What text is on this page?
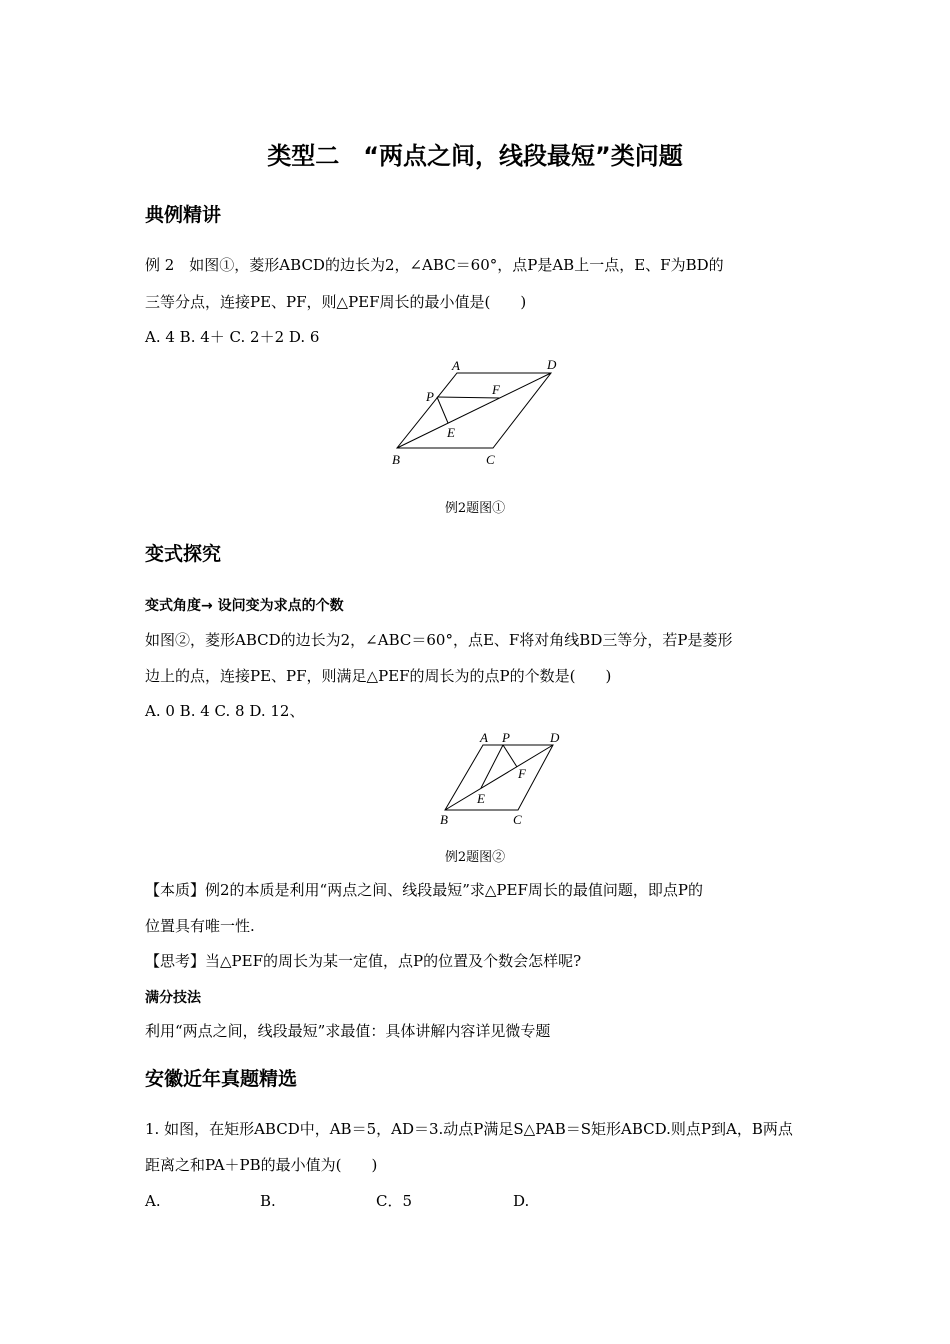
类型二　“两点之间，线段最短”类问题
典例精讲
例 2　如图①，菱形ABCD的边长为2，∠ABC＝60°，点P是AB上一点，E、F为BD的
三等分点，连接PE、PF，则△PEF周长的最小值是(　　)
A. 4 B. 4＋ C. 2＋2 D. 6
A	D
P	F
E
B	C
A P	D
F
E
B	C
例2题图①
变式探究
变式角度→ 设问变为求点的个数
如图②，菱形ABCD的边长为2，∠ABC＝60°，点E、F将对角线BD三等分，若P是菱形
边上的点，连接PE、PF，则满足△PEF的周长为的点P的个数是(　　)
A. 0 B. 4 C. 8 D. 12、
例2题图②
【本质】例2的本质是利用“两点之间、线段最短”求△PEF周长的最值问题，即点P的
位置具有唯一性.
【思考】当△PEF的周长为某一定值，点P的位置及个数会怎样呢?
满分技法
利用“两点之间，线段最短”求最值：具体讲解内容详见微专题
安徽近年真题精选
1. 如图，在矩形ABCD中，AB＝5，AD＝3.动点P满足S△PAB＝S矩形ABCD.则点P到A，B两点
距离之和PA＋PB的最小值为(　　)
A.	B.	C．5	D.
